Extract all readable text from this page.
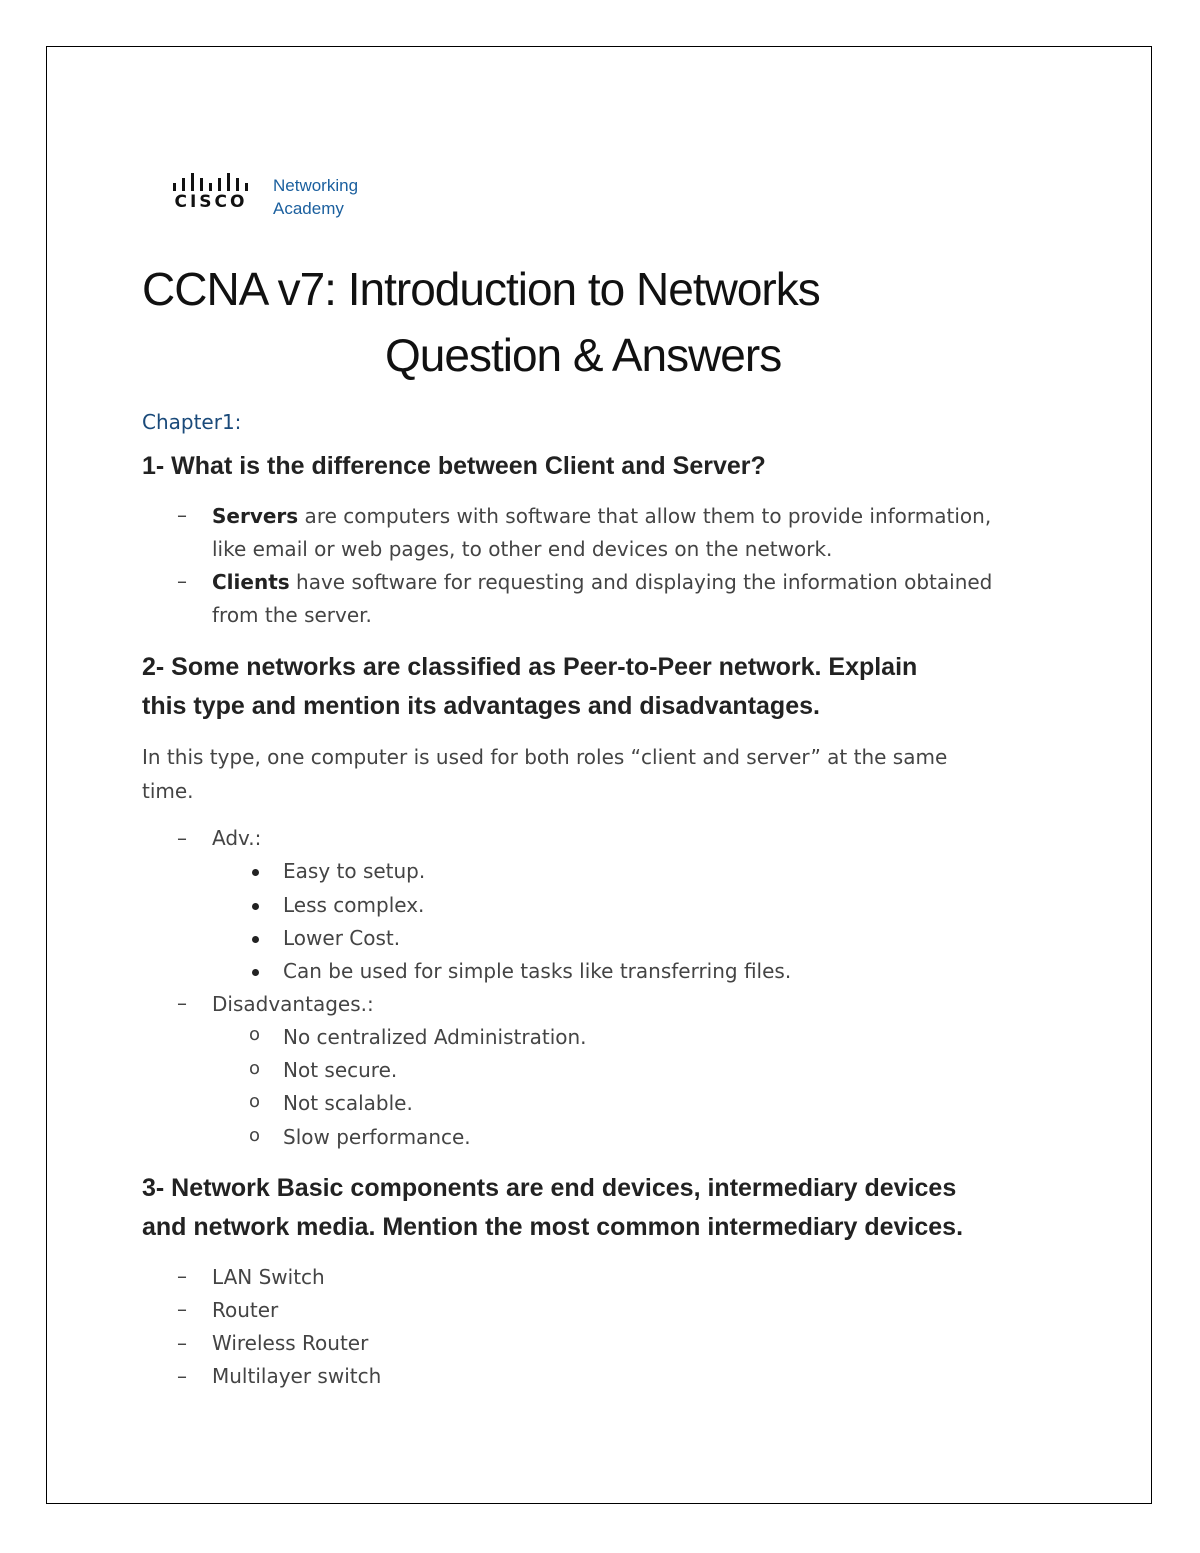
CISCO
Networking
Academy
CCNA v7: Introduction to Networks
Question & Answers
Chapter1:
1- What is the difference between Client and Server?
– Servers are computers with software that allow them to provide information,
like email or web pages, to other end devices on the network.
– Clients have software for requesting and displaying the information obtained
from the server.
2- Some networks are classified as Peer-to-Peer network. Explain
this type and mention its advantages and disadvantages.
In this type, one computer is used for both roles “client and server” at the same
time.
– Adv.:
Easy to setup.
Less complex.
Lower Cost.
Can be used for simple tasks like transferring files.
– Disadvantages.:
o No centralized Administration.
o Not secure.
o Not scalable.
o Slow performance.
3- Network Basic components are end devices, intermediary devices
and network media. Mention the most common intermediary devices.
– LAN Switch
– Router
– Wireless Router
– Multilayer switch
